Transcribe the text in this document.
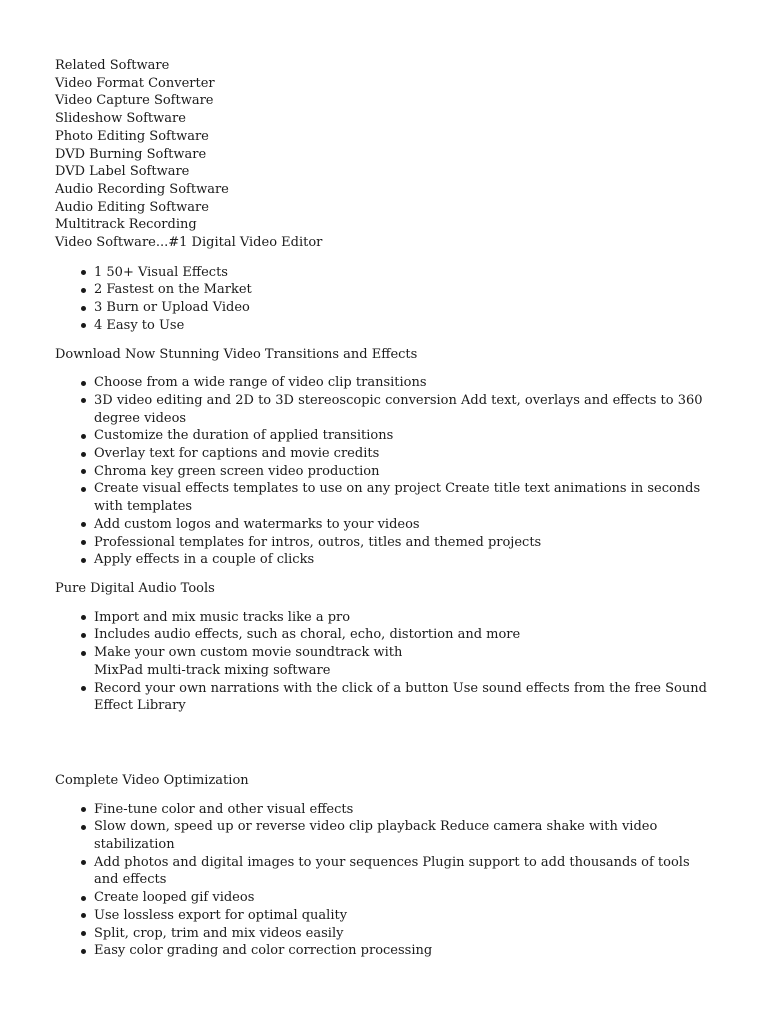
Related Software

Video Format Converter

Video Capture Software

Slideshow Software

Photo Editing Software

DVD Burning Software

DVD Label Software

Audio Recording Software

Audio Editing Software

Multitrack Recording

Video Software...#1 Digital Video Editor

1 50+ Visual Effects
2 Fastest on the Market
3 Burn or Upload Video
4 Easy to Use

Download Now Stunning Video Transitions and Effects

Choose from a wide range of video clip transitions
3D video editing and 2D to 3D stereoscopic conversion Add text, overlays and effects to 360 degree videos
Customize the duration of applied transitions
Overlay text for captions and movie credits
Chroma key green screen video production
Create visual effects templates to use on any project Create title text animations in seconds with templates
Add custom logos and watermarks to your videos
Professional templates for intros, outros, titles and themed projects
Apply effects in a couple of clicks

Pure Digital Audio Tools

Import and mix music tracks like a pro
Includes audio effects, such as choral, echo, distortion and more
Make your own custom movie soundtrack with
MixPad multi-track mixing software
Record your own narrations with the click of a button Use sound effects from the free Sound Effect Library

Complete Video Optimization

Fine-tune color and other visual effects
Slow down, speed up or reverse video clip playback Reduce camera shake with video stabilization
Add photos and digital images to your sequences Plugin support to add thousands of tools and effects
Create looped gif videos
Use lossless export for optimal quality
Split, crop, trim and mix videos easily
Easy color grading and color correction processing
